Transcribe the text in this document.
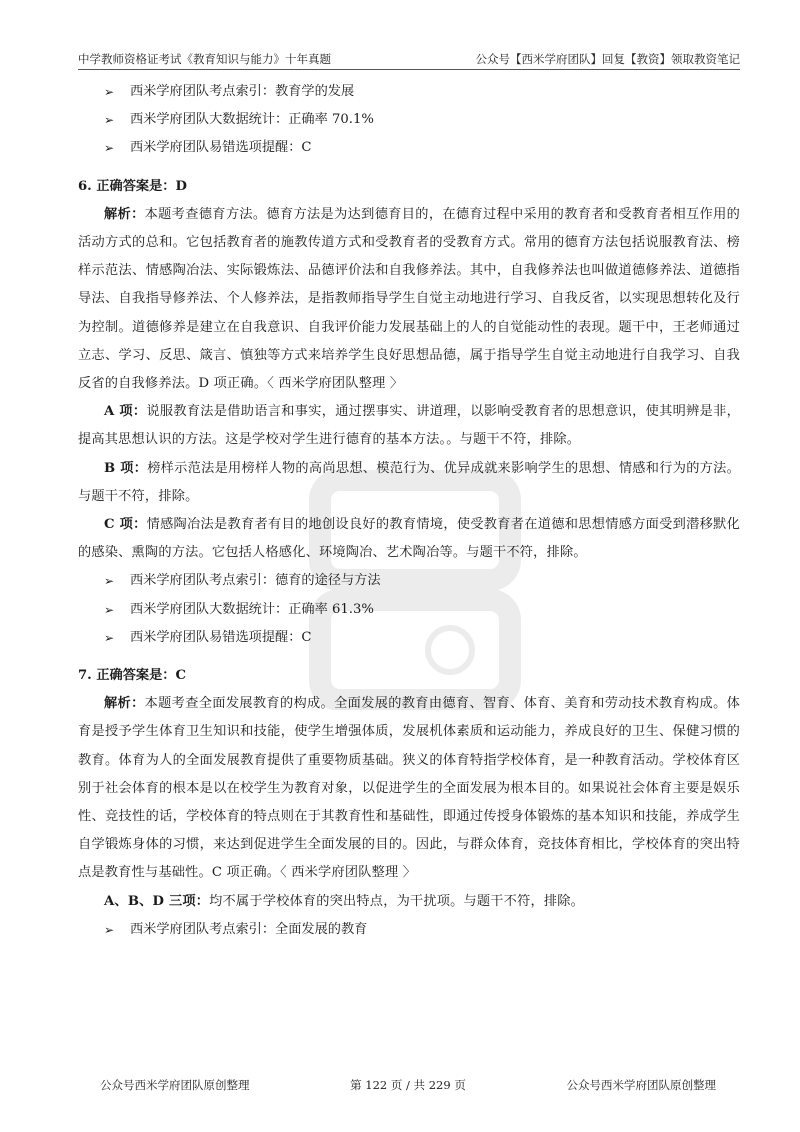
中学教师资格证考试《教育知识与能力》十年真题	公众号【西米学府团队】回复【教资】领取教资笔记
➢	西米学府团队考点索引：教育学的发展
➢	西米学府团队大数据统计：正确率 70.1%
➢	西米学府团队易错选项提醒：C
6. 正确答案是：D
解析：本题考查德育方法。德育方法是为达到德育目的，在德育过程中采用的教育者和受教育者相互作用的活动方式的总和。它包括教育者的施教传道方式和受教育者的受教育方式。常用的德育方法包括说服教育法、榜样示范法、情感陶冶法、实际锻炼法、品德评价法和自我修养法。其中，自我修养法也叫做道德修养法、道德指导法、自我指导修养法、个人修养法，是指教师指导学生自觉主动地进行学习、自我反省，以实现思想转化及行为控制。道德修养是建立在自我意识、自我评价能力发展基础上的人的自觉能动性的表现。题干中，王老师通过立志、学习、反思、箴言、慎独等方式来培养学生良好思想品德，属于指导学生自觉主动地进行自我学习、自我反省的自我修养法。D 项正确。〈 西米学府团队整理 〉
A 项：说服教育法是借助语言和事实，通过摆事实、讲道理，以影响受教育者的思想意识，使其明辨是非，提高其思想认识的方法。这是学校对学生进行德育的基本方法。。与题干不符，排除。
B 项：榜样示范法是用榜样人物的高尚思想、模范行为、优异成就来影响学生的思想、情感和行为的方法。与题干不符，排除。
C 项：情感陶冶法是教育者有目的地创设良好的教育情境，使受教育者在道德和思想情感方面受到潜移默化的感染、熏陶的方法。它包括人格感化、环境陶冶、艺术陶冶等。与题干不符，排除。
➢	西米学府团队考点索引：德育的途径与方法
➢	西米学府团队大数据统计：正确率 61.3%
➢	西米学府团队易错选项提醒：C
7. 正确答案是：C
解析：本题考查全面发展教育的构成。全面发展的教育由德育、智育、体育、美育和劳动技术教育构成。体育是授予学生体育卫生知识和技能，使学生增强体质，发展机体素质和运动能力，养成良好的卫生、保健习惯的教育。体育为人的全面发展教育提供了重要物质基础。狭义的体育特指学校体育，是一种教育活动。学校体育区别于社会体育的根本是以在校学生为教育对象，以促进学生的全面发展为根本目的。如果说社会体育主要是娱乐性、竞技性的话，学校体育的特点则在于其教育性和基础性，即通过传授身体锻炼的基本知识和技能，养成学生自学锻炼身体的习惯，来达到促进学生全面发展的目的。因此，与群众体育，竞技体育相比，学校体育的突出特点是教育性与基础性。C 项正确。〈 西米学府团队整理 〉
A、B、D 三项：均不属于学校体育的突出特点，为干扰项。与题干不符，排除。
➢	西米学府团队考点索引：全面发展的教育
公众号西米学府团队原创整理	第 122 页 / 共 229 页	公众号西米学府团队原创整理
